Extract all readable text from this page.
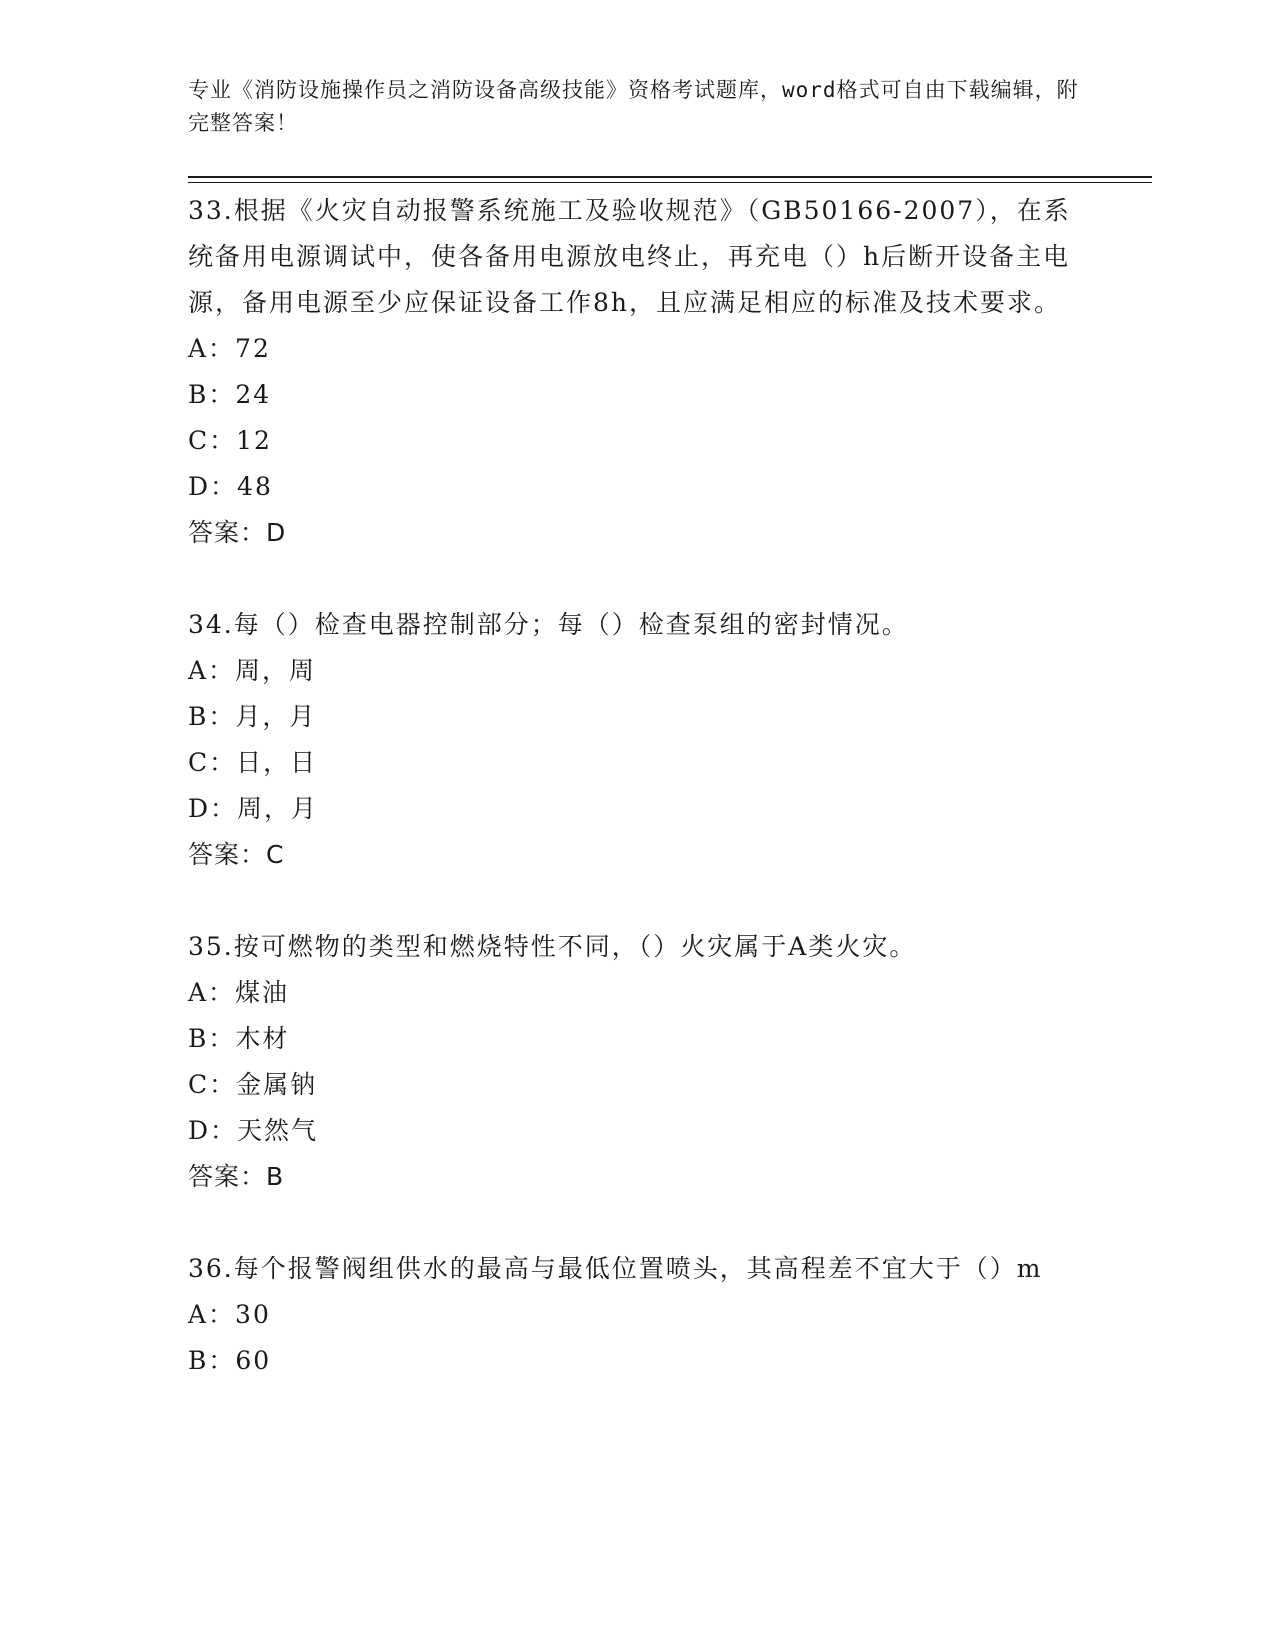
专业《消防设施操作员之消防设备高级技能》资格考试题库，word格式可自由下载编辑，附完整答案！

33.根据《火灾自动报警系统施工及验收规范》（GB50166-2007），在系统备用电源调试中，使各备用电源放电终止，再充电（）h后断开设备主电源，备用电源至少应保证设备工作8h，且应满足相应的标准及技术要求。

A：72

B：24

C：12

D：48

答案：D

34.每（）检查电器控制部分；每（）检查泵组的密封情况。

A：周，周

B：月，月

C：日，日

D：周，月

答案：C

35.按可燃物的类型和燃烧特性不同，（）火灾属于A类火灾。

A：煤油

B：木材

C：金属钠

D：天然气

答案：B

36.每个报警阀组供水的最高与最低位置喷头，其高程差不宜大于（）m

A：30

B：60
